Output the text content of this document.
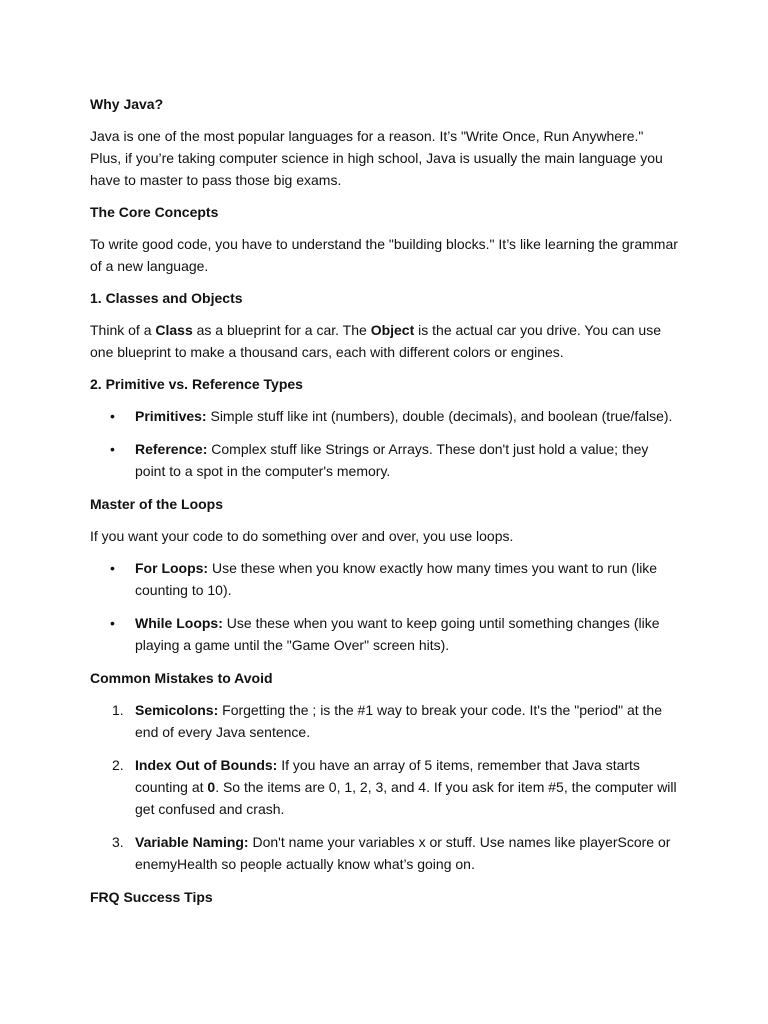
Why Java?

Java is one of the most popular languages for a reason. It’s "Write Once, Run Anywhere." Plus, if you’re taking computer science in high school, Java is usually the main language you have to master to pass those big exams.

The Core Concepts

To write good code, you have to understand the "building blocks." It’s like learning the grammar of a new language.

1. Classes and Objects

Think of a Class as a blueprint for a car. The Object is the actual car you drive. You can use one blueprint to make a thousand cars, each with different colors or engines.

2. Primitive vs. Reference Types
• Primitives: Simple stuff like int (numbers), double (decimals), and boolean (true/false).
• Reference: Complex stuff like Strings or Arrays. These don't just hold a value; they point to a spot in the computer's memory.
Master of the Loops

If you want your code to do something over and over, you use loops.

• For Loops: Use these when you know exactly how many times you want to run (like counting to 10).
• While Loops: Use these when you want to keep going until something changes (like playing a game until the "Game Over" screen hits).
Common Mistakes to Avoid
1. Semicolons: Forgetting the ; is the #1 way to break your code. It's the "period" at the end of every Java sentence.
2. Index Out of Bounds: If you have an array of 5 items, remember that Java starts counting at 0. So the items are 0, 1, 2, 3, and 4. If you ask for item #5, the computer will get confused and crash.
3. Variable Naming: Don't name your variables x or stuff. Use names like playerScore or enemyHealth so people actually know what’s going on.
FRQ Success Tips
